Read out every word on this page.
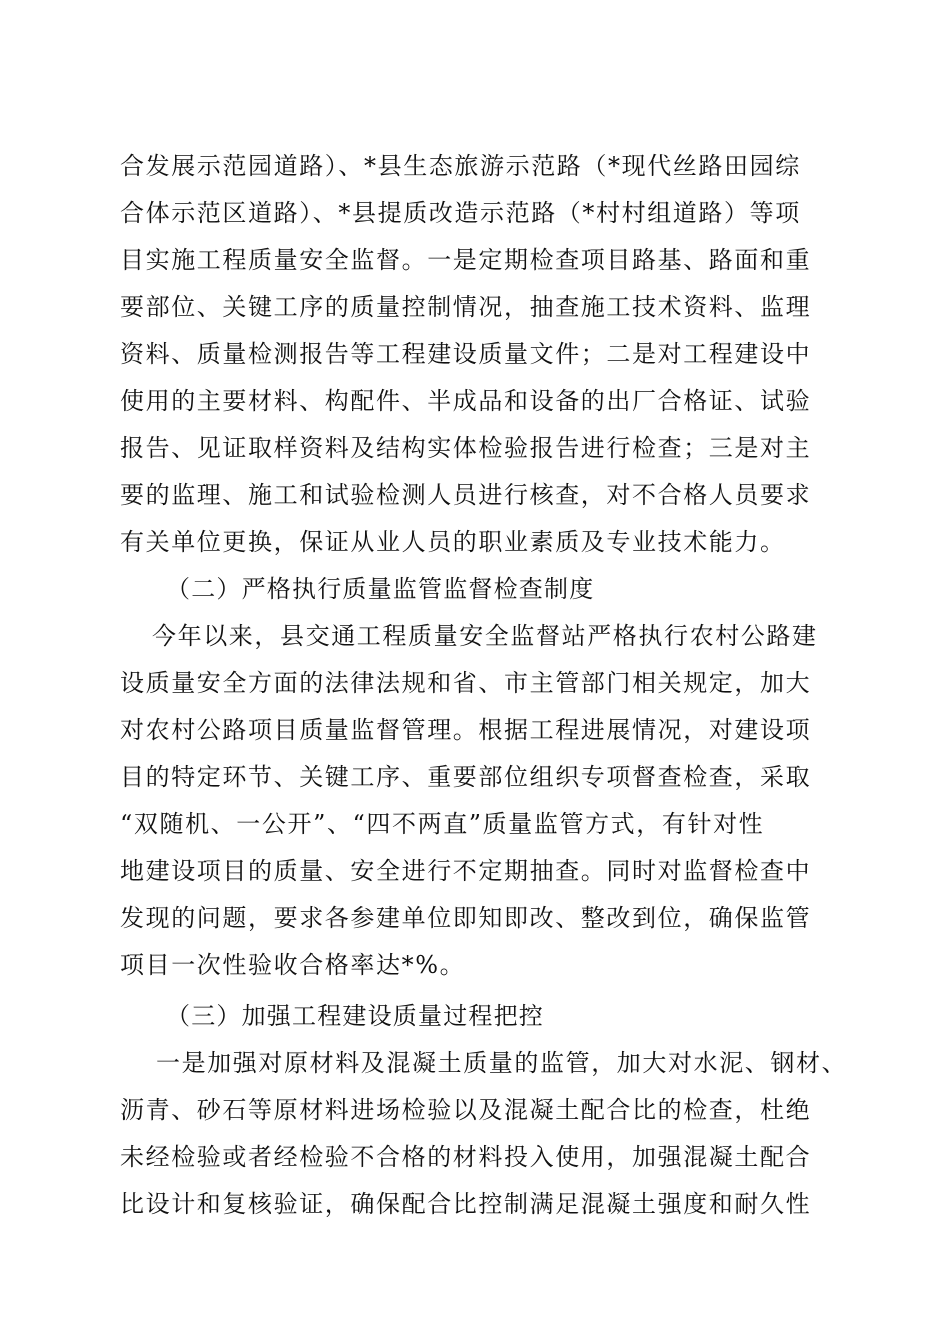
合发展示范园道路）、*县生态旅游示范路（*现代丝路田园综
合体示范区道路）、*县提质改造示范路（*村村组道路）等项
目实施工程质量安全监督。一是定期检查项目路基、路面和重
要部位、关键工序的质量控制情况，抽查施工技术资料、监理
资料、质量检测报告等工程建设质量文件；二是对工程建设中
使用的主要材料、构配件、半成品和设备的出厂合格证、试验
报告、见证取样资料及结构实体检验报告进行检查；三是对主
要的监理、施工和试验检测人员进行核查，对不合格人员要求
有关单位更换，保证从业人员的职业素质及专业技术能力。
（二）严格执行质量监管监督检查制度
今年以来，县交通工程质量安全监督站严格执行农村公路建
设质量安全方面的法律法规和省、市主管部门相关规定，加大
对农村公路项目质量监督管理。根据工程进展情况，对建设项
目的特定环节、关键工序、重要部位组织专项督查检查，采取
“双随机、一公开”、“四不两直”质量监管方式，有针对性
地建设项目的质量、安全进行不定期抽查。同时对监督检查中
发现的问题，要求各参建单位即知即改、整改到位，确保监管
项目一次性验收合格率达*%。
（三）加强工程建设质量过程把控
一是加强对原材料及混凝土质量的监管，加大对水泥、钢材、
沥青、砂石等原材料进场检验以及混凝土配合比的检查，杜绝
未经检验或者经检验不合格的材料投入使用，加强混凝土配合
比设计和复核验证，确保配合比控制满足混凝土强度和耐久性
